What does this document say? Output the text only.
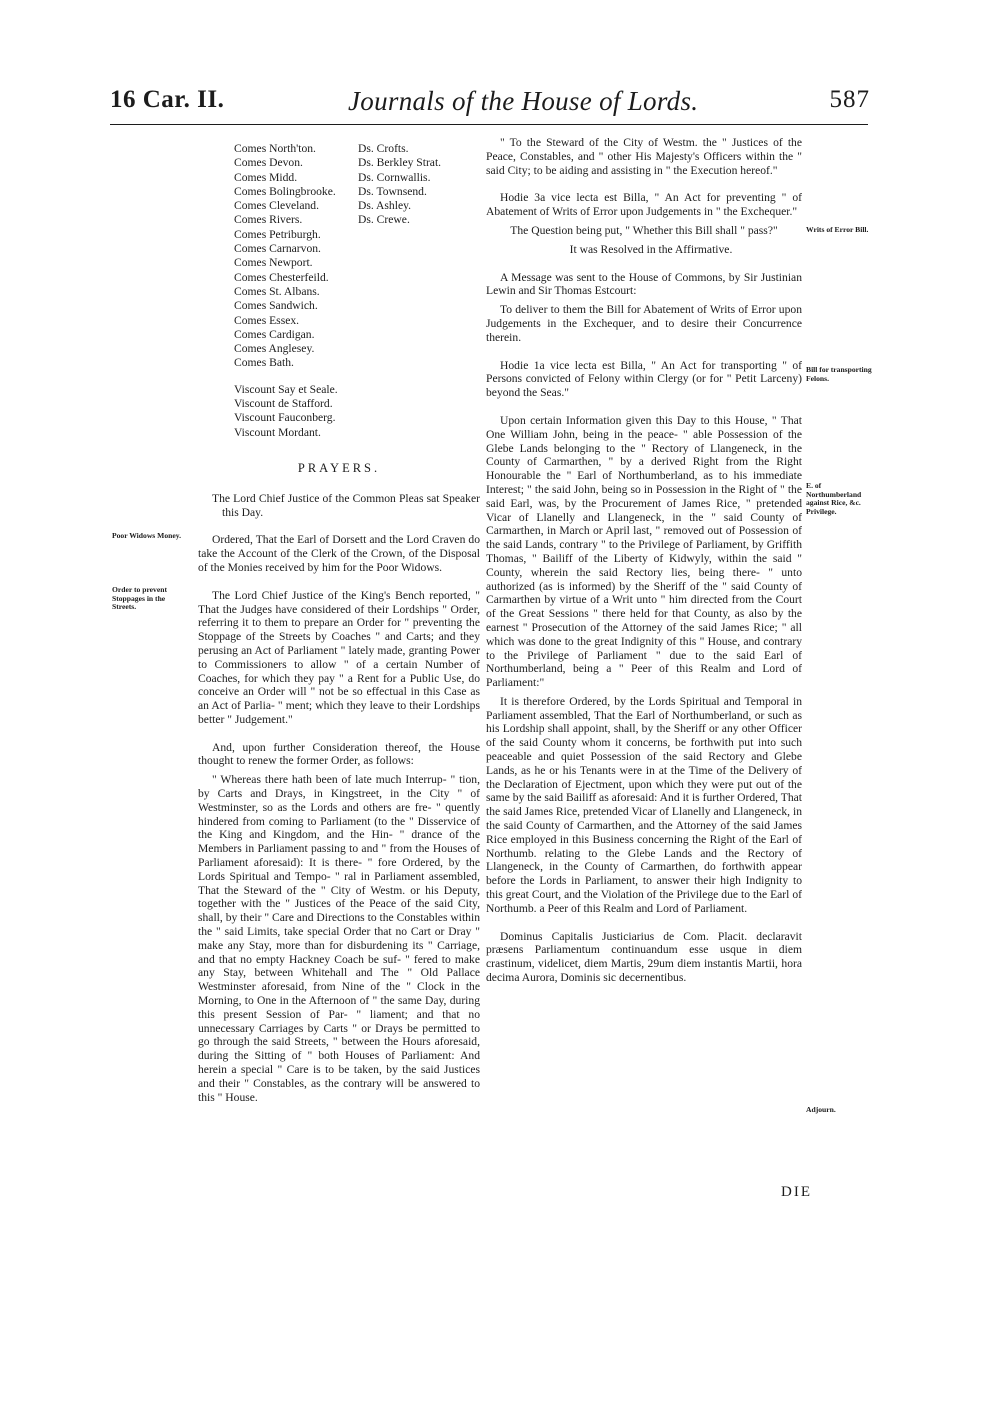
16 Car. II.	Journals of the House of Lords.	587
Comes North'ton.
Comes Devon.
Comes Midd.
Comes Bolingbrooke.
Comes Cleveland.
Comes Rivers.
Comes Petriburgh.
Comes Carnarvon.
Comes Newport.
Comes Chesterfeild.
Comes St. Albans.
Comes Sandwich.
Comes Essex.
Comes Cardigan.
Comes Anglesey.
Comes Bath.
Ds. Crofts.
Ds. Berkley Strat.
Ds. Cornwallis.
Ds. Townsend.
Ds. Ashley.
Ds. Crewe.
Viscount Say et Seale.
Viscount de Stafford.
Viscount Fauconberg.
Viscount Mordant.
PRAYERS.

The Lord Chief Justice of the Common Pleas sat Speaker this Day.

Ordered, That the Earl of Dorsett and the Lord Craven do take the Account of the Clerk of the Crown, of the Disposal of the Monies received by him for the Poor Widows.

The Lord Chief Justice of the King's Bench reported, " That the Judges have considered of their Lordships " Order, referring it to them to prepare an Order for " preventing the Stoppage of the Streets by Coaches " and Carts; and they perusing an Act of Parliament " lately made, granting Power to Commissioners to allow " of a certain Number of Coaches, for which they pay " a Rent for a Public Use, do conceive an Order will " not be so effectual in this Case as an Act of Parlia- " ment; which they leave to their Lordships better " Judgement."

And, upon further Consideration thereof, the House thought to renew the former Order, as follows:

" Whereas there hath been of late much Interrup- " tion, by Carts and Drays, in Kingstreet, in the City " of Westminster, so as the Lords and others are fre- " quently hindered from coming to Parliament (to the " Disservice of the King and Kingdom, and the Hin- " drance of the Members in Parliament passing to and " from the Houses of Parliament aforesaid): It is there- " fore Ordered, by the Lords Spiritual and Tempo- " ral in Parliament assembled, That the Steward of the " City of Westm. or his Deputy, together with the " Justices of the Peace of the said City, shall, by their " Care and Directions to the Constables within the " said Limits, take special Order that no Cart or Dray " make any Stay, more than for disburdening its " Carriage, and that no empty Hackney Coach be suf- " fered to make any Stay, between Whitehall and The " Old Pallace Westminster aforesaid, from Nine of the " Clock in the Morning, to One in the Afternoon of " the same Day, during this present Session of Par- " liament; and that no unnecessary Carriages by Carts " or Drays be permitted to go through the said Streets, " between the Hours aforesaid, during the Sitting of " both Houses of Parliament: And herein a special " Care is to be taken, by the said Justices and their " Constables, as the contrary will be answered to this " House.

" To the Steward of the City of Westm. the " Justices of the Peace, Constables, and " other His Majesty's Officers within the " said City; to be aiding and assisting in " the Execution hereof."

Hodie 3a vice lecta est Billa, " An Act for preventing " of Abatement of Writs of Error upon Judgements in " the Exchequer."

The Question being put, " Whether this Bill shall " pass?"

It was Resolved in the Affirmative.

A Message was sent to the House of Commons, by Sir Justinian Lewin and Sir Thomas Estcourt:

To deliver to them the Bill for Abatement of Writs of Error upon Judgements in the Exchequer, and to desire their Concurrence therein.

Hodie 1a vice lecta est Billa, " An Act for transporting " of Persons convicted of Felony within Clergy (or for " Petit Larceny) beyond the Seas."

Upon certain Information given this Day to this House, " That One William John, being in the peace- " able Possession of the Glebe Lands belonging to the " Rectory of Llangeneck, in the County of Carmarthen, " by a derived Right from the Right Honourable the " Earl of Northumberland, as to his immediate Interest; " the said John, being so in Possession in the Right of " the said Earl, was, by the Procurement of James Rice, " pretended Vicar of Llanelly and Llangeneck, in the " said County of Carmarthen, in March or April last, " removed out of Possession of the said Lands, contrary " to the Privilege of Parliament, by Griffith Thomas, " Bailiff of the Liberty of Kidwyly, within the said " County, wherein the said Rectory lies, being there- " unto authorized (as is informed) by the Sheriff of the " said County of Carmarthen by virtue of a Writ unto " him directed from the Court of the Great Sessions " there held for that County, as also by the earnest " Prosecution of the Attorney of the said James Rice; " all which was done to the great Indignity of this " House, and contrary to the Privilege of Parliament " due to the said Earl of Northumberland, being a " Peer of this Realm and Lord of Parliament:"

It is therefore Ordered, by the Lords Spiritual and Temporal in Parliament assembled, That the Earl of Northumberland, or such as his Lordship shall appoint, shall, by the Sheriff or any other Officer of the said County whom it concerns, be forthwith put into such peaceable and quiet Possession of the said Rectory and Glebe Lands, as he or his Tenants were in at the Time of the Delivery of the Declaration of Ejectment, upon which they were put out of the same by the said Bailiff as aforesaid: And it is further Ordered, That the said James Rice, pretended Vicar of Llanelly and Llangeneck, in the said County of Carmarthen, and the Attorney of the said James Rice employed in this Business concerning the Right of the Earl of Northumb. relating to the Glebe Lands and the Rectory of Llangeneck, in the County of Carmarthen, do forthwith appear before the Lords in Parliament, to answer their high Indignity to this great Court, and the Violation of the Privilege due to the Earl of Northumb. a Peer of this Realm and Lord of Parliament.

Dominus Capitalis Justiciarius de Com. Placit. declaravit præsens Parliamentum continuandum esse usque in diem crastinum, videlicet, diem Martis, 29um diem instantis Martii, hora decima Aurora, Dominis sic decernentibus.

Poor Widows Money.
Order to prevent Stoppages in the Streets.
Writs of Error Bill.
Bill for transporting Felons.
E. of Northumberland against Rice, &c. Privilege.
Adjourn.
DIE
